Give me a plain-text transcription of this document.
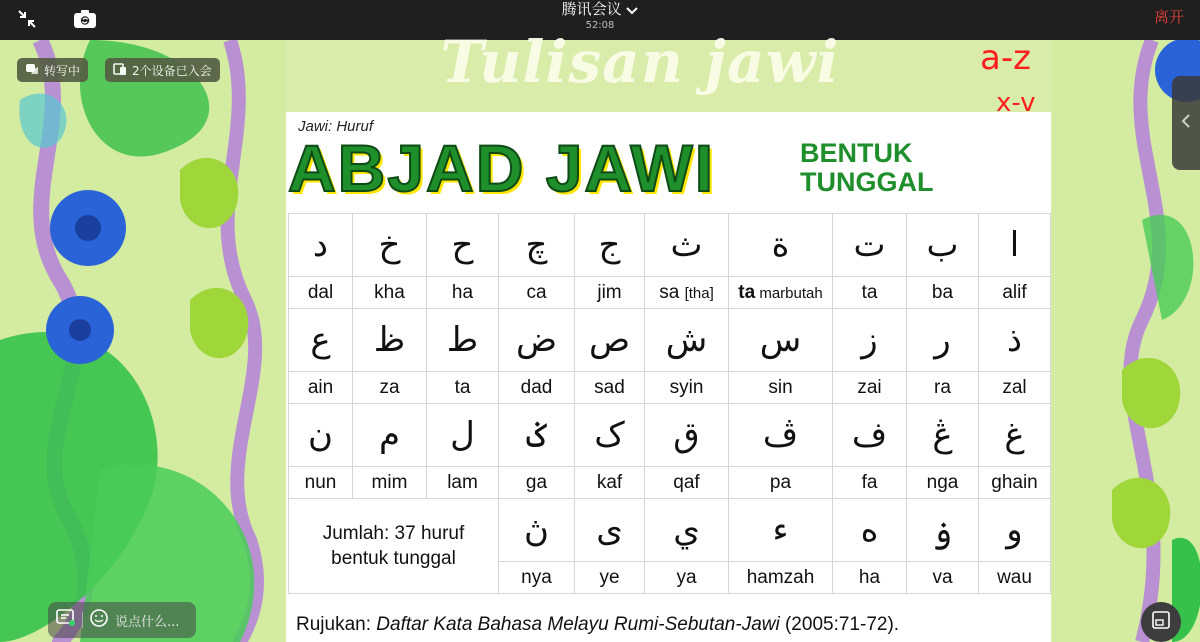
腾讯会议
52:08	离开
Tulisan jawi
Jawi: Huruf
ABJAD JAWI	BENTUK
TUNGGAL
د	خ	ح	چ	ج	ث	ة	ت	ب	ا
dal	kha	ha	ca	jim	sa [tha]	ta marbutah	ta	ba	alif
ع	ظ	ط	ض	ص	ش	س	ز	ر	ذ
ain	za	ta	dad	sad	syin	sin	zai	ra	zal
ن	م	ل	ݢ	ک	ق	ڤ	ف	ڠ	غ
nun	mim	lam	ga	kaf	qaf	pa	fa	nga	ghain

Jumlah: 37 huruf
bentuk tunggal			ڽ	ى	ي	ء	ه	ۏ	و
			nya	ye	ya	hamzah	ha	va	wau
Rujukan: Daftar Kata Bahasa Melayu Rumi-Sebutan-Jawi (2005:71-72).
a-z
x-v
转写中	2个设备已入会
说点什么...
